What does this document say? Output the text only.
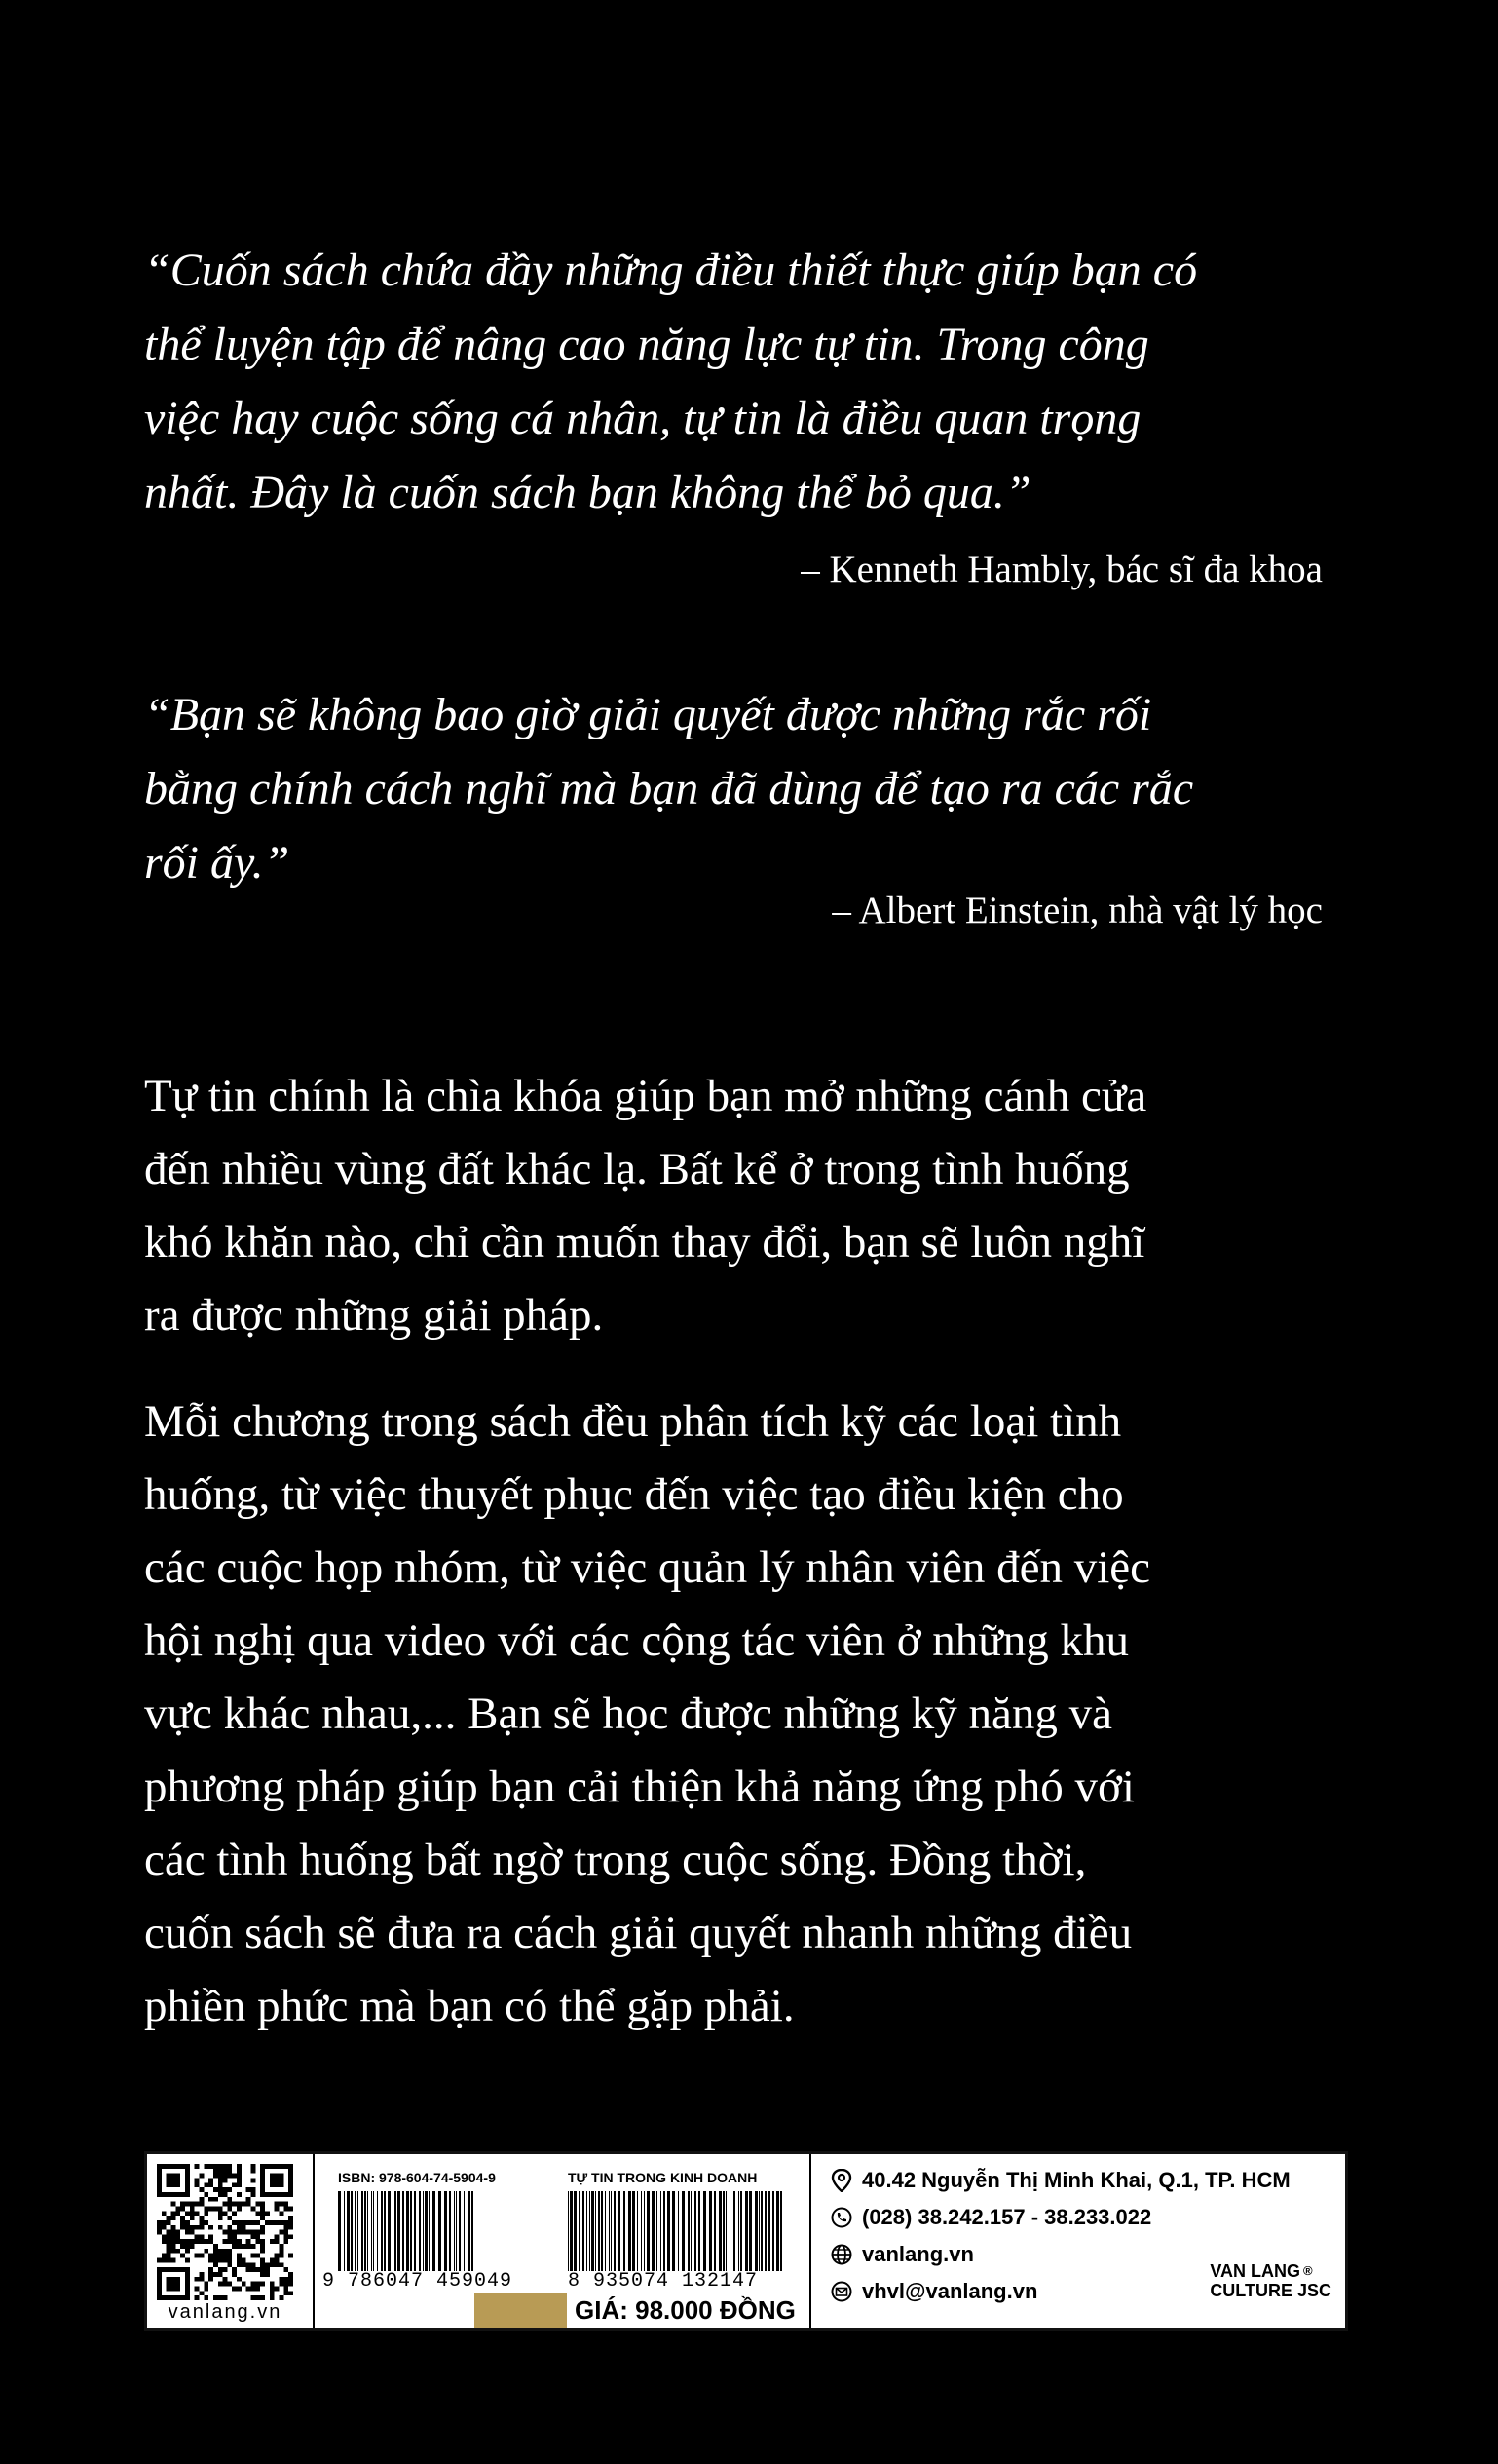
“Cuốn sách chứa đầy những điều thiết thực giúp bạn có
thể luyện tập để nâng cao năng lực tự tin. Trong công
việc hay cuộc sống cá nhân, tự tin là điều quan trọng
nhất. Đây là cuốn sách bạn không thể bỏ qua.”

– Kenneth Hambly, bác sĩ đa khoa

“Bạn sẽ không bao giờ giải quyết được những rắc rối
bằng chính cách nghĩ mà bạn đã dùng để tạo ra các rắc
rối ấy.”

– Albert Einstein, nhà vật lý học

Tự tin chính là chìa khóa giúp bạn mở những cánh cửa
đến nhiều vùng đất khác lạ. Bất kể ở trong tình huống
khó khăn nào, chỉ cần muốn thay đổi, bạn sẽ luôn nghĩ
ra được những giải pháp.

Mỗi chương trong sách đều phân tích kỹ các loại tình
huống, từ việc thuyết phục đến việc tạo điều kiện cho
các cuộc họp nhóm, từ việc quản lý nhân viên đến việc
hội nghị qua video với các cộng tác viên ở những khu
vực khác nhau,... Bạn sẽ học được những kỹ năng và
phương pháp giúp bạn cải thiện khả năng ứng phó với
các tình huống bất ngờ trong cuộc sống. Đồng thời,
cuốn sách sẽ đưa ra cách giải quyết nhanh những điều
phiền phức mà bạn có thể gặp phải.

vanlang.vn
ISBN: 978-604-74-5904-9
9 786047 459049
TỰ TIN TRONG KINH DOANH
8 935074 132147
GIÁ: 98.000 ĐỒNG
40.42 Nguyễn Thị Minh Khai, Q.1, TP. HCM
(028) 38.242.157 - 38.233.022
vanlang.vn
vhvl@vanlang.vn
VAN LANG ®
CULTURE JSC
